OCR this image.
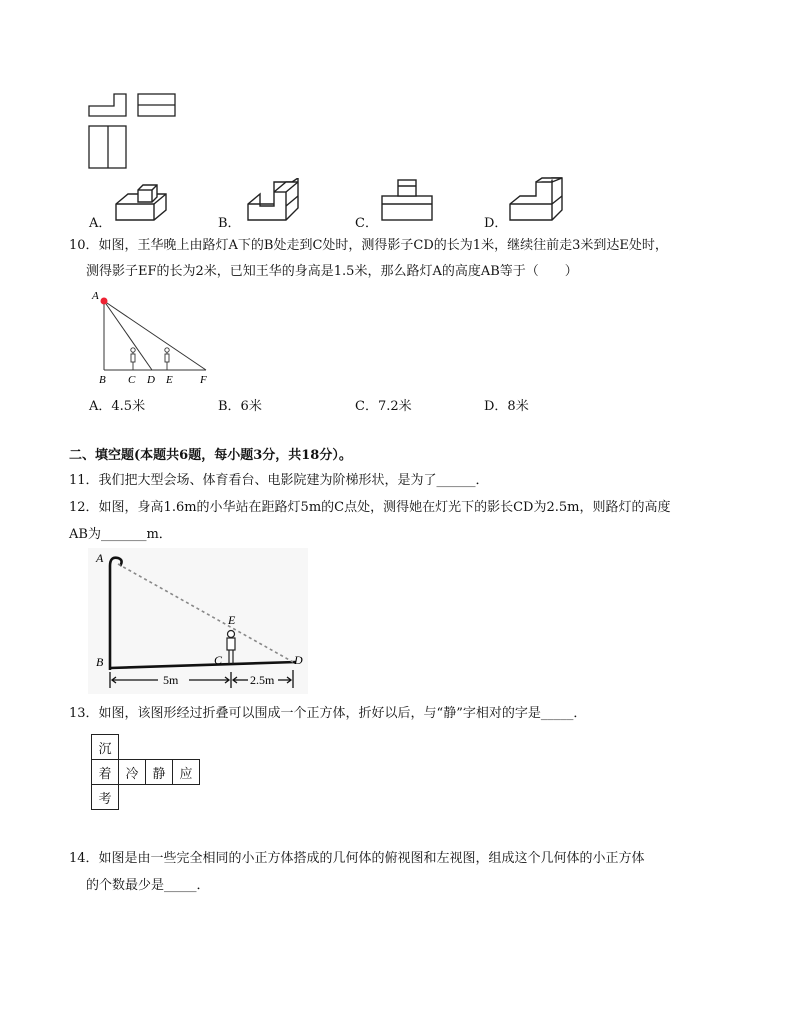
A．	B．	C．	D．
10．如图，王华晚上由路灯A下的B处走到C处时，测得影子CD的长为1米，继续往前走3米到达E处时，
测得影子EF的长为2米，已知王华的身高是1.5米，那么路灯A的高度AB等于（　　）
A
B C D E F
A．4.5米	B．6米	C．7.2米	D．8米
二、填空题(本题共6题，每小题3分，共18分）。
11．我们把大型会场、体育看台、电影院建为阶梯形状，是为了______．
12．如图，身高1.6m的小华站在距路灯5m的C点处，测得她在灯光下的影长CD为2.5m，则路灯的高度
AB为_______m．
A
B	C	D
E
5m	2.5m
13．如图，该图形经过折叠可以围成一个正方体，折好以后，与“静”字相对的字是_____．
沉			
着	冷	静	应
考			
14．如图是由一些完全相同的小正方体搭成的几何体的俯视图和左视图，组成这个几何体的小正方体
的个数最少是_____．
